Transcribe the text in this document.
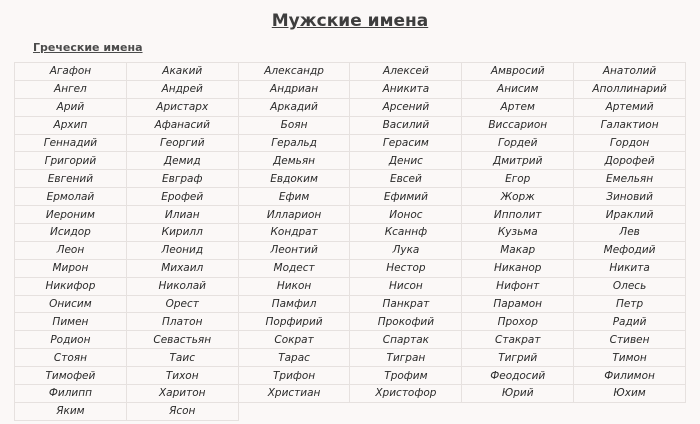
Мужские имена
Греческие имена
Агафон	Акакий	Александр	Алексей	Амвросий	Анатолий
Ангел	Андрей	Андриан	Аникита	Анисим	Аполлинарий
Арий	Аристарх	Аркадий	Арсений	Артем	Артемий
Архип	Афанасий	Боян	Василий	Виссарион	Галактион
Геннадий	Георгий	Геральд	Герасим	Гордей	Гордон
Григорий	Демид	Демьян	Денис	Дмитрий	Дорофей
Евгений	Евграф	Евдоким	Евсей	Егор	Емельян
Ермолай	Ерофей	Ефим	Ефимий	Жорж	Зиновий
Иероним	Илиан	Илларион	Ионос	Ипполит	Ираклий
Исидор	Кирилл	Кондрат	Ксаннф	Кузьма	Лев
Леон	Леонид	Леонтий	Лука	Макар	Мефодий
Мирон	Михаил	Модест	Нестор	Никанор	Никита
Никифор	Николай	Никон	Нисон	Нифонт	Олесь
Онисим	Орест	Памфил	Панкрат	Парамон	Петр
Пимен	Платон	Порфирий	Прокофий	Прохор	Радий
Родион	Севастьян	Сократ	Спартак	Стакрат	Стивен
Стоян	Таис	Тарас	Тигран	Тигрий	Тимон
Тимофей	Тихон	Трифон	Трофим	Феодосий	Филимон
Филипп	Харитон	Христиан	Христофор	Юрий	Юхим
Яким	Ясон				
